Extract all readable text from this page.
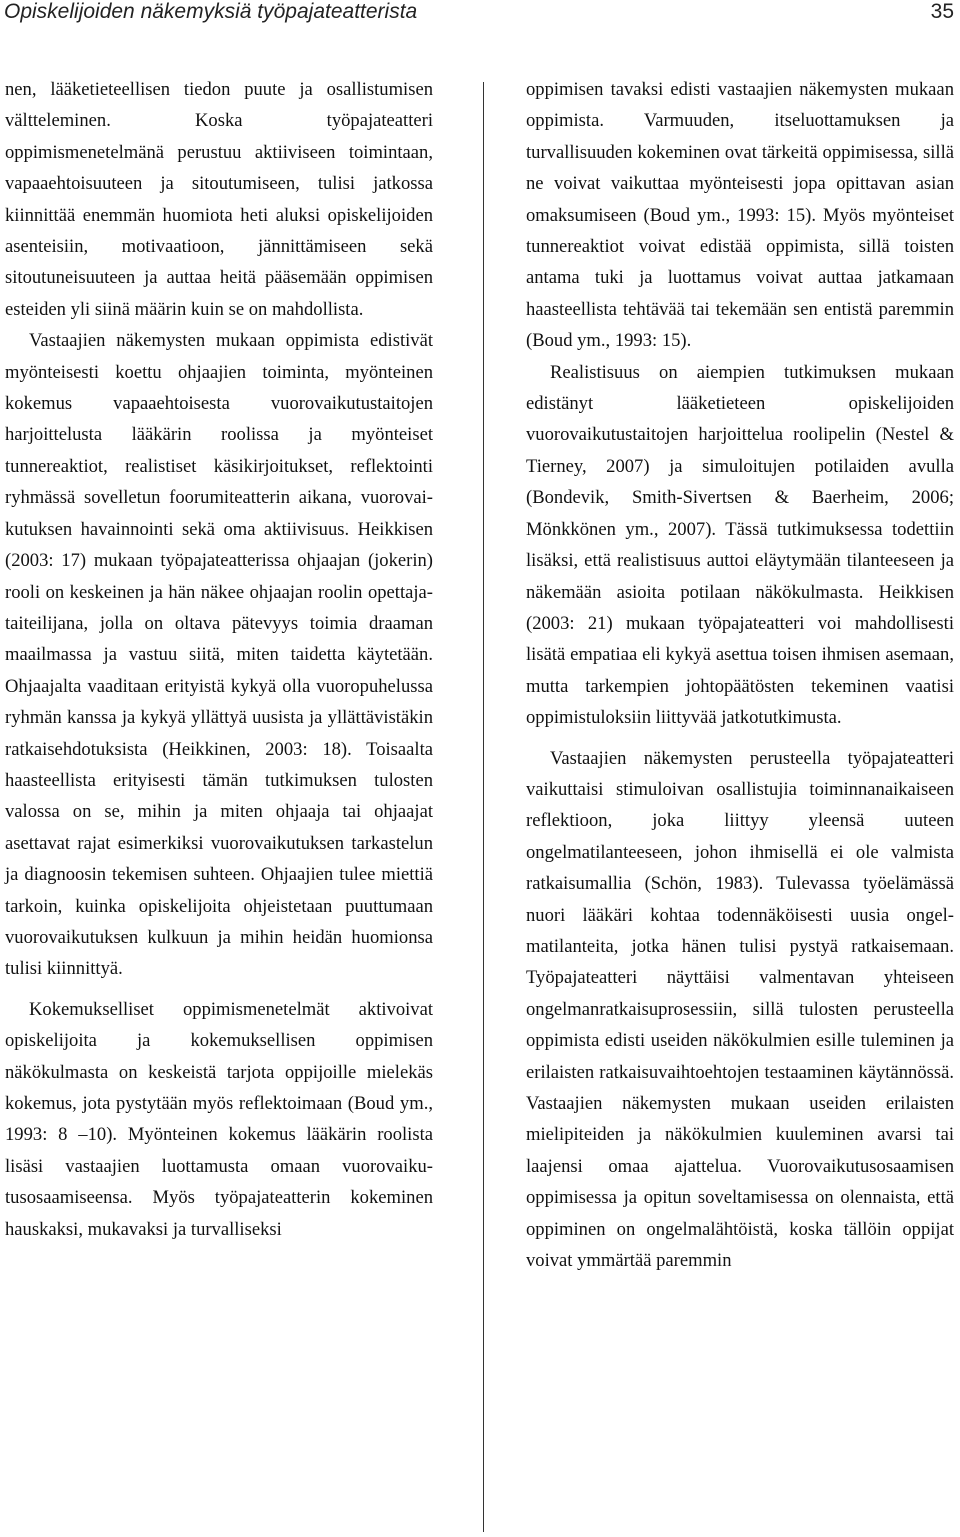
Opiskelijoiden näkemyksiä työpajateatterista	35

nen, lääketieteellisen tiedon puute ja osallistumisen vältteleminen. Koska työpajateatteri oppimismenetelmänä perustuu aktiiviseen toimintaan, vapaaehtoisuuteen ja sitoutumiseen, tulisi jatkossa kiinnittää enemmän huomiota heti aluksi opiskelijoiden asenteisiin, motivaatioon, jännittämiseen sekä sitoutuneisuuteen ja auttaa heitä pääsemään oppimisen esteiden yli siinä määrin kuin se on mahdollista.

Vastaajien näkemysten mukaan oppimista edistivät myönteisesti koettu ohjaajien toiminta, myönteinen kokemus vapaaehtoisesta vuorovaikutustaitojen harjoittelusta lääkärin roolissa ja myönteiset tunnereaktiot, realistiset käsikirjoitukset, reflektointi ryhmässä sovelletun foorumiteatterin aikana, vuorovaikutuksen havainnointi sekä oma aktiivisuus. Heikkisen (2003: 17) mukaan työpajateatterissa ohjaajan (jokerin) rooli on keskeinen ja hän näkee ohjaajan roolin opettaja-taiteilijana, jolla on oltava pätevyys toimia draaman maailmassa ja vastuu siitä, miten taidetta käytetään. Ohjaajalta vaaditaan erityistä kykyä olla vuoropuhelussa ryhmän kanssa ja kykyä yllättyä uusista ja yllättävistäkin ratkaisehdotuksista (Heikkinen, 2003: 18). Toisaalta haasteellista erityisesti tämän tutkimuksen tulosten valossa on se, mihin ja miten ohjaaja tai ohjaajat asettavat rajat esimerkiksi vuorovaikutuksen tarkastelun ja diagnoosin tekemisen suhteen. Ohjaajien tulee miettiä tarkoin, kuinka opiskelijoita ohjeistetaan puuttumaan vuorovaikutuksen kulkuun ja mihin heidän huomionsa tulisi kiinnittyä.

Kokemukselliset oppimismenetelmät aktivoivat opiskelijoita ja kokemuksellisen oppimisen näkökulmasta on keskeistä tarjota oppijoille mielekäs kokemus, jota pystytään myös reflektoimaan (Boud ym., 1993: 8 –10). Myönteinen kokemus lääkärin roolista lisäsi vastaajien luottamusta omaan vuorovaikutusosaamiseensa. Myös työpajateatterin kokeminen hauskaksi, mukavaksi ja turvalliseksi

oppimisen tavaksi edisti vastaajien näkemysten mukaan oppimista. Varmuuden, itseluottamuksen ja turvallisuuden kokeminen ovat tärkeitä oppimisessa, sillä ne voivat vaikuttaa myönteisesti jopa opittavan asian omaksumiseen (Boud ym., 1993: 15). Myös myönteiset tunnereaktiot voivat edistää oppimista, sillä toisten antama tuki ja luottamus voivat auttaa jatkamaan haasteellista tehtävää tai tekemään sen entistä paremmin (Boud ym., 1993: 15).

Realistisuus on aiempien tutkimuksen mukaan edistänyt lääketieteen opiskelijoiden vuorovaikutustaitojen harjoittelua roolipelin (Nestel & Tierney, 2007) ja simuloitujen potilaiden avulla (Bondevik, Smith-Sivertsen & Baerheim, 2006; Mönkkönen ym., 2007). Tässä tutkimuksessa todettiin lisäksi, että realistisuus auttoi eläytymään tilanteeseen ja näkemään asioita potilaan näkökulmasta. Heikkisen (2003: 21) mukaan työpajateatteri voi mahdollisesti lisätä empatiaa eli kykyä asettua toisen ihmisen asemaan, mutta tarkempien johtopäätösten tekeminen vaatisi oppimistuloksiin liittyvää jatkotutkimusta.

Vastaajien näkemysten perusteella työpajateatteri vaikuttaisi stimuloivan osallistujia toiminnanaikaiseen reflektioon, joka liittyy yleensä uuteen ongelmatilanteeseen, johon ihmisellä ei ole valmista ratkaisumallia (Schön, 1983). Tulevassa työelämässä nuori lääkäri kohtaa todennäköisesti uusia ongelmatilanteita, jotka hänen tulisi pystyä ratkaisemaan. Työpajateatteri näyttäisi valmentavan yhteiseen ongelmanratkaisuprosessiin, sillä tulosten perusteella oppimista edisti useiden näkökulmien esille tuleminen ja erilaisten ratkaisuvaihtoehtojen testaaminen käytännössä. Vastaajien näkemysten mukaan useiden erilaisten mielipiteiden ja näkökulmien kuuleminen avarsi tai laajensi omaa ajattelua. Vuorovaikutusosaamisen oppimisessa ja opitun soveltamisessa on olennaista, että oppiminen on ongelmalähtöistä, koska tällöin oppijat voivat ymmärtää paremmin
